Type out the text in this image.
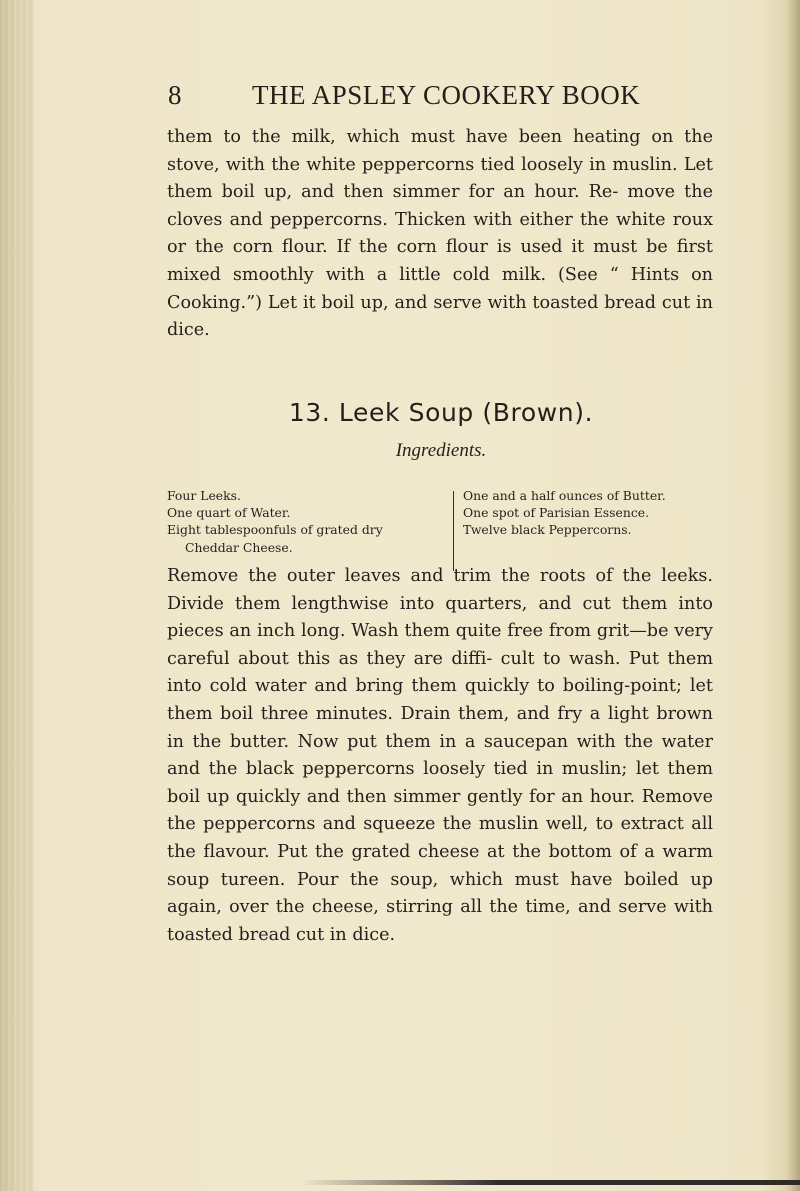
8	THE APSLEY COOKERY BOOK

them to the milk, which must have been heating on the stove, with the white peppercorns tied loosely in muslin. Let them boil up, and then simmer for an hour. Re- move the cloves and peppercorns. Thicken with either the white roux or the corn flour. If the corn flour is used it must be first mixed smoothly with a little cold milk. (See “ Hints on Cooking.”) Let it boil up, and serve with toasted bread cut in dice.

13. Leek Soup (Brown).
Ingredients.
Four Leeks.
One quart of Water.
Eight tablespoonfuls of grated dry Cheddar Cheese.
One and a half ounces of Butter.
One spot of Parisian Essence.
Twelve black Peppercorns.

Remove the outer leaves and trim the roots of the leeks. Divide them lengthwise into quarters, and cut them into pieces an inch long. Wash them quite free from grit—be very careful about this as they are diffi- cult to wash. Put them into cold water and bring them quickly to boiling-point; let them boil three minutes. Drain them, and fry a light brown in the butter. Now put them in a saucepan with the water and the black peppercorns loosely tied in muslin; let them boil up quickly and then simmer gently for an hour. Remove the peppercorns and squeeze the muslin well, to extract all the flavour. Put the grated cheese at the bottom of a warm soup tureen. Pour the soup, which must have boiled up again, over the cheese, stirring all the time, and serve with toasted bread cut in dice.
